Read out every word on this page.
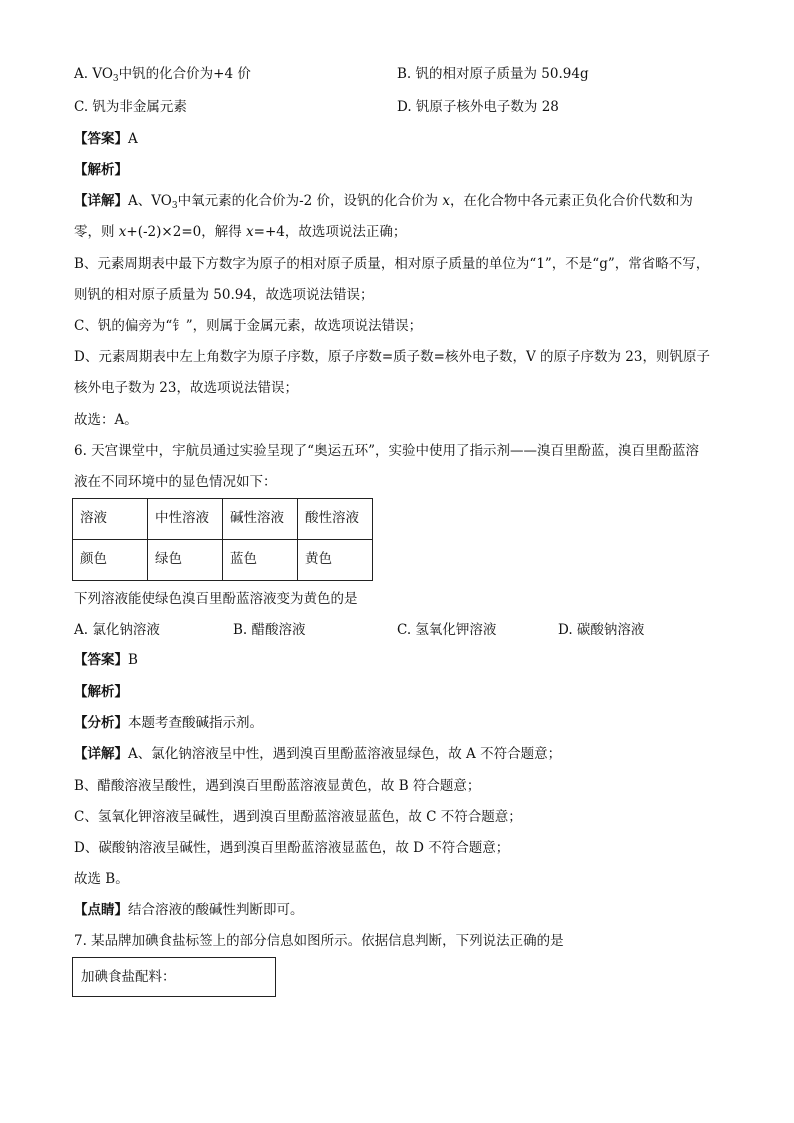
A. $VO_3$中钒的化合价为+4 价	B. 钒的相对原子质量为 50.94g
C. 钒为非金属元素	D. 钒原子核外电子数为 28
【答案】A
【解析】
【详解】A、$VO_3$中氧元素的化合价为-2 价，设钒的化合价为 x，在化合物中各元素正负化合价代数和为
零，则 x+(-2)×2=0，解得 x=+4，故选项说法正确；
B、元素周期表中最下方数字为原子的相对原子质量，相对原子质量的单位为“1”，不是“g”，常省略不写，
则钒的相对原子质量为 50.94，故选项说法错误；
C、钒的偏旁为“钅”，则属于金属元素，故选项说法错误；
D、元素周期表中左上角数字为原子序数，原子序数=质子数=核外电子数，V 的原子序数为 23，则钒原子
核外电子数为 23，故选项说法错误；
故选：A。
6. 天宫课堂中，宇航员通过实验呈现了“奥运五环”，实验中使用了指示剂——溴百里酚蓝，溴百里酚蓝溶
液在不同环境中的显色情况如下：
溶液	中性溶液	碱性溶液	酸性溶液
颜色	绿色	蓝色	黄色
下列溶液能使绿色溴百里酚蓝溶液变为黄色的是
A. 氯化钠溶液	B. 醋酸溶液	C. 氢氧化钾溶液	D. 碳酸钠溶液
【答案】B
【解析】
【分析】本题考查酸碱指示剂。
【详解】A、氯化钠溶液呈中性，遇到溴百里酚蓝溶液显绿色，故 A 不符合题意；
B、醋酸溶液呈酸性，遇到溴百里酚蓝溶液显黄色，故 B 符合题意；
C、氢氧化钾溶液呈碱性，遇到溴百里酚蓝溶液显蓝色，故 C 不符合题意；
D、碳酸钠溶液呈碱性，遇到溴百里酚蓝溶液显蓝色，故 D 不符合题意；
故选 B。
【点睛】结合溶液的酸碱性判断即可。
7. 某品牌加碘食盐标签上的部分信息如图所示。依据信息判断，下列说法正确的是
加碘食盐配料：
